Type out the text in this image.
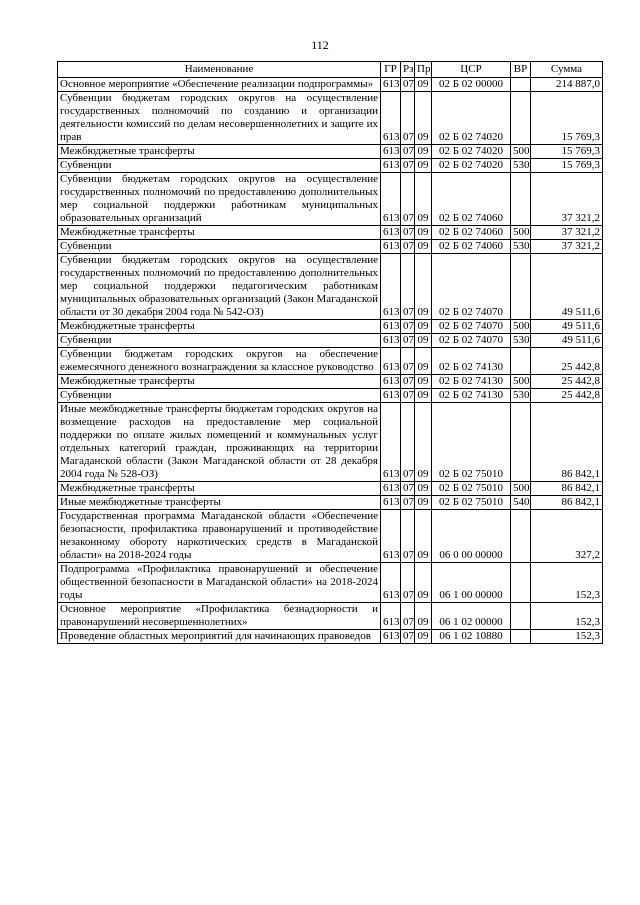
112
Наименование	ГР	Рз	Пр	ЦСР	ВР	Сумма
Основное мероприятие «Обеспечение реализации подпрограммы»	613	07	09	02 Б 02 00000		214 887,0
Субвенции бюджетам городских округов на осуществление государственных полномочий по созданию и организации деятельности комиссий по делам несовершеннолетних и защите их прав	613	07	09	02 Б 02 74020		15 769,3
Межбюджетные трансферты	613	07	09	02 Б 02 74020	500	15 769,3
Субвенции	613	07	09	02 Б 02 74020	530	15 769,3
Субвенции бюджетам городских округов на осуществление государственных полномочий по предоставлению дополнительных мер социальной поддержки работникам муниципальных образовательных организаций	613	07	09	02 Б 02 74060		37 321,2
Межбюджетные трансферты	613	07	09	02 Б 02 74060	500	37 321,2
Субвенции	613	07	09	02 Б 02 74060	530	37 321,2
Субвенции бюджетам городских округов на осуществление государственных полномочий по предоставлению дополнительных мер социальной поддержки педагогическим работникам муниципальных образовательных организаций (Закон Магаданской области от 30 декабря 2004 года № 542-ОЗ)	613	07	09	02 Б 02 74070		49 511,6
Межбюджетные трансферты	613	07	09	02 Б 02 74070	500	49 511,6
Субвенции	613	07	09	02 Б 02 74070	530	49 511,6
Субвенции бюджетам городских округов на обеспечение ежемесячного денежного вознаграждения за классное руководство	613	07	09	02 Б 02 74130		25 442,8
Межбюджетные трансферты	613	07	09	02 Б 02 74130	500	25 442,8
Субвенции	613	07	09	02 Б 02 74130	530	25 442,8
Иные межбюджетные трансферты бюджетам городских округов на возмещение расходов на предоставление мер социальной поддержки по оплате жилых помещений и коммунальных услуг отдельных категорий граждан, проживающих на территории Магаданской области (Закон Магаданской области от 28 декабря 2004 года № 528-ОЗ)	613	07	09	02 Б 02 75010		86 842,1
Межбюджетные трансферты	613	07	09	02 Б 02 75010	500	86 842,1
Иные межбюджетные трансферты	613	07	09	02 Б 02 75010	540	86 842,1
Государственная программа Магаданской области «Обеспечение безопасности, профилактика правонарушений и противодействие незаконному обороту наркотических средств в Магаданской области» на 2018-2024 годы	613	07	09	06 0 00 00000		327,2
Подпрограмма «Профилактика правонарушений и обеспечение общественной безопасности в Магаданской области» на 2018-2024 годы	613	07	09	06 1 00 00000		152,3
Основное мероприятие «Профилактика безнадзорности и правонарушений несовершеннолетних»	613	07	09	06 1 02 00000		152,3
Проведение областных мероприятий для начинающих правоведов	613	07	09	06 1 02 10880		152,3
